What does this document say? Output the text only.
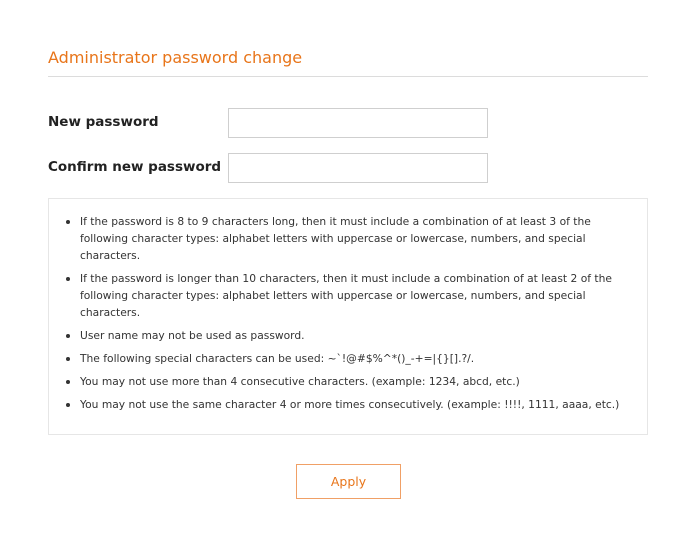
Administrator password change
New password
Confirm new password
If the password is 8 to 9 characters long, then it must include a combination of at least 3 of the following character types: alphabet letters with uppercase or lowercase, numbers, and special characters.
If the password is longer than 10 characters, then it must include a combination of at least 2 of the following character types: alphabet letters with uppercase or lowercase, numbers, and special characters.
User name may not be used as password.
The following special characters can be used: ~`!@#$%^*()_-+=|{}[].?/.
You may not use more than 4 consecutive characters. (example: 1234, abcd, etc.)
You may not use the same character 4 or more times consecutively. (example: !!!!, 1111, aaaa, etc.)
Apply
